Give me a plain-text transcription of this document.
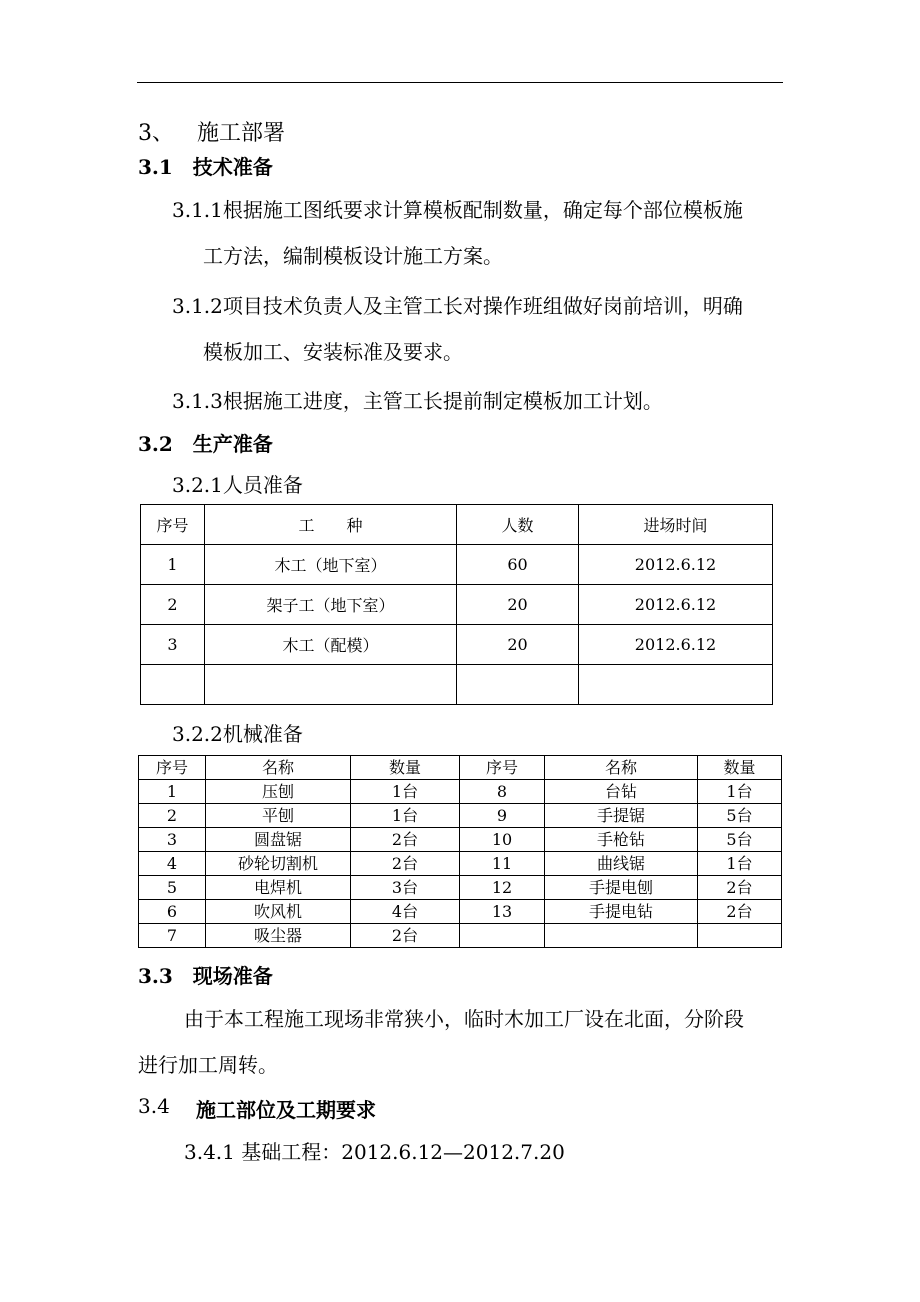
3、 施工部署
3.1　技术准备
3.1.1根据施工图纸要求计算模板配制数量，确定每个部位模板施
工方法，编制模板设计施工方案。
3.1.2项目技术负责人及主管工长对操作班组做好岗前培训，明确
模板加工、安装标准及要求。
3.1.3根据施工进度，主管工长提前制定模板加工计划。
3.2　生产准备
3.2.1人员准备
序号	工　　种	人数	进场时间
1	木工（地下室）	60	2012.6.12
2	架子工（地下室）	20	2012.6.12
3	木工（配模）	20	2012.6.12

3.2.2机械准备
序号	名称	数量	序号	名称	数量
1	压刨	1台	8	台钻	1台
2	平刨	1台	9	手提锯	5台
3	圆盘锯	2台	10	手枪钻	5台
4	砂轮切割机	2台	11	曲线锯	1台
5	电焊机	3台	12	手提电刨	2台
6	吹风机	4台	13	手提电钻	2台
7	吸尘器	2台			
3.3　现场准备
由于本工程施工现场非常狭小，临时木加工厂设在北面，分阶段
进行加工周转。
3.4 施工部位及工期要求
3.4.1 基础工程：2012.6.12—2012.7.20
